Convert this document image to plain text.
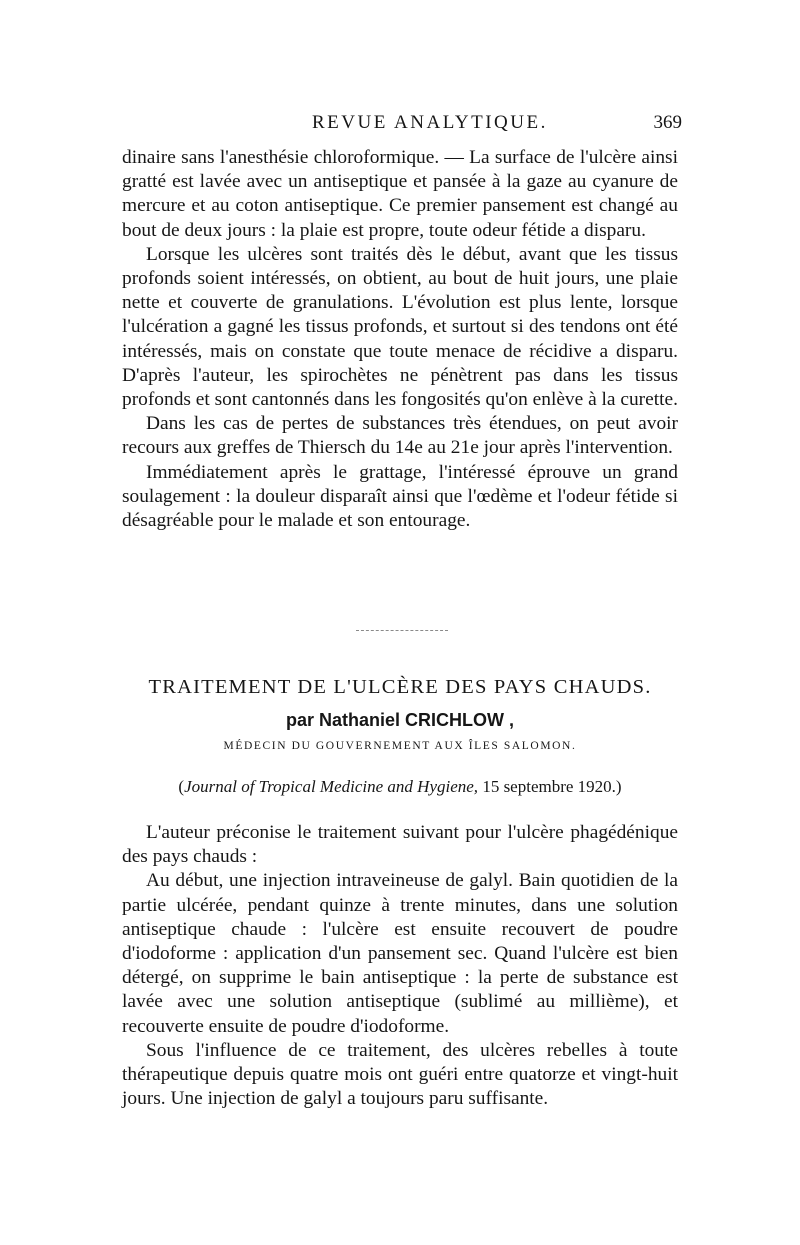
REVUE ANALYTIQUE.	369

dinaire sans l'anesthésie chloroformique. — La surface de l'ulcère ainsi gratté est lavée avec un antiseptique et pansée à la gaze au cyanure de mercure et au coton antiseptique. Ce premier pansement est changé au bout de deux jours : la plaie est propre, toute odeur fétide a disparu.

Lorsque les ulcères sont traités dès le début, avant que les tissus profonds soient intéressés, on obtient, au bout de huit jours, une plaie nette et couverte de granulations. L'évolution est plus lente, lorsque l'ulcération a gagné les tissus profonds, et surtout si des tendons ont été intéressés, mais on constate que toute menace de récidive a disparu. D'après l'auteur, les spirochètes ne pénètrent pas dans les tissus profonds et sont cantonnés dans les fongosités qu'on enlève à la curette.

Dans les cas de pertes de substances très étendues, on peut avoir recours aux greffes de Thiersch du 14e au 21e jour après l'intervention.

Immédiatement après le grattage, l'intéressé éprouve un grand soulagement : la douleur disparaît ainsi que l'œdème et l'odeur fétide si désagréable pour le malade et son entourage.

TRAITEMENT DE L'ULCÈRE DES PAYS CHAUDS.
par Nathaniel CRICHLOW ,
MÉDECIN DU GOUVERNEMENT AUX ÎLES SALOMON.
(Journal of Tropical Medicine and Hygiene, 15 septembre 1920.)

L'auteur préconise le traitement suivant pour l'ulcère phagédénique des pays chauds :

Au début, une injection intraveineuse de galyl. Bain quotidien de la partie ulcérée, pendant quinze à trente minutes, dans une solution antiseptique chaude : l'ulcère est ensuite recouvert de poudre d'iodoforme : application d'un pansement sec. Quand l'ulcère est bien détergé, on supprime le bain antiseptique : la perte de substance est lavée avec une solution antiseptique (sublimé au millième), et recouverte ensuite de poudre d'iodoforme.

Sous l'influence de ce traitement, des ulcères rebelles à toute thérapeutique depuis quatre mois ont guéri entre quatorze et vingt-huit jours. Une injection de galyl a toujours paru suffisante.
